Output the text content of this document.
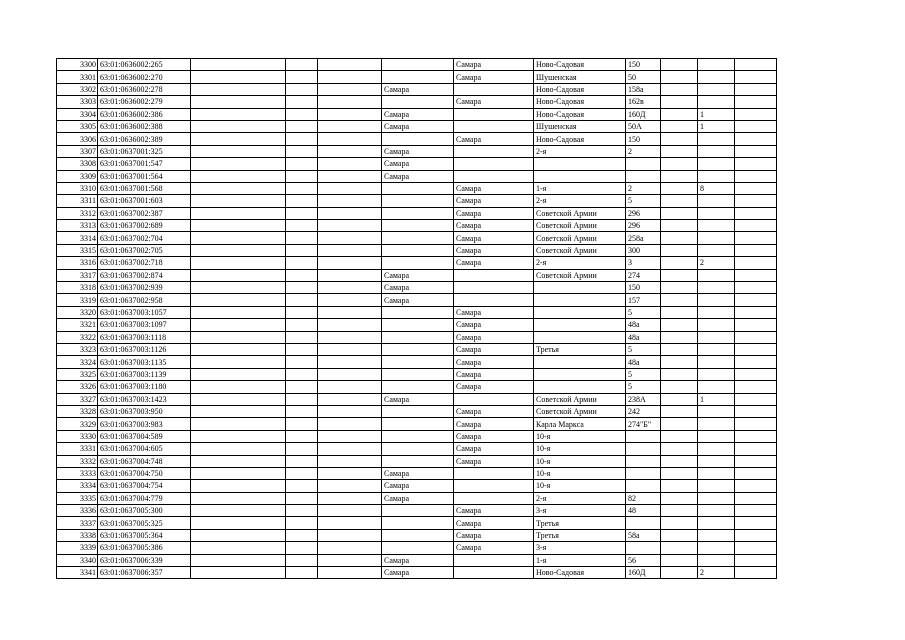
3300	63:01:0636002:265					Самара	Ново-Садовая	150			
3301	63:01:0636002:270					Самара	Шушенская	50			
3302	63:01:0636002:278				Самара		Ново-Садовая	158а			
3303	63:01:0636002:279					Самара	Ново-Садовая	162в			
3304	63:01:0636002:386				Самара		Ново-Садовая	160Д		1	
3305	63:01:0636002:388				Самара		Шушенская	50А		1	
3306	63:01:0636002:389					Самара	Ново-Садовая	150			
3307	63:01:0637001:325				Самара		2-я	2			
3308	63:01:0637001:547				Самара						
3309	63:01:0637001:564				Самара						
3310	63:01:0637001:568					Самара	1-я	2		8	
3311	63:01:0637001:603					Самара	2-я	5			
3312	63:01:0637002:387					Самара	Советской Армии	296			
3313	63:01:0637002:689					Самара	Советской Армии	296			
3314	63:01:0637002:704					Самара	Советской Армии	258а			
3315	63:01:0637002:705					Самара	Советской Армии	300			
3316	63:01:0637002:718					Самара	2-я	3		2	
3317	63:01:0637002:874				Самара		Советской Армии	274			
3318	63:01:0637002:939				Самара			150			
3319	63:01:0637002:958				Самара			157			
3320	63:01:0637003:1057					Самара		5			
3321	63:01:0637003:1097					Самара		48а			
3322	63:01:0637003:1118					Самара		48а			
3323	63:01:0637003:1126					Самара	Третья	5			
3324	63:01:0637003:1135					Самара		48а			
3325	63:01:0637003:1139					Самара		5			
3326	63:01:0637003:1180					Самара		5			
3327	63:01:0637003:1423				Самара		Советской Армии	238А		1	
3328	63:01:0637003:950					Самара	Советской Армии	242			
3329	63:01:0637003:983					Самара	Карла Маркса	274"Б"			
3330	63:01:0637004:589					Самара	10-я				
3331	63:01:0637004:605					Самара	10-я				
3332	63:01:0637004:748					Самара	10-я				
3333	63:01:0637004:750				Самара		10-я				
3334	63:01:0637004:754				Самара		10-я				
3335	63:01:0637004:779				Самара		2-я	82			
3336	63:01:0637005:300					Самара	3-я	48			
3337	63:01:0637005:325					Самара	Третья				
3338	63:01:0637005:364					Самара	Третья	58а			
3339	63:01:0637005:386					Самара	3-я				
3340	63:01:0637006:339				Самара		1-я	56			
3341	63:01:0637006:357				Самара		Ново-Садовая	160Д		2	
